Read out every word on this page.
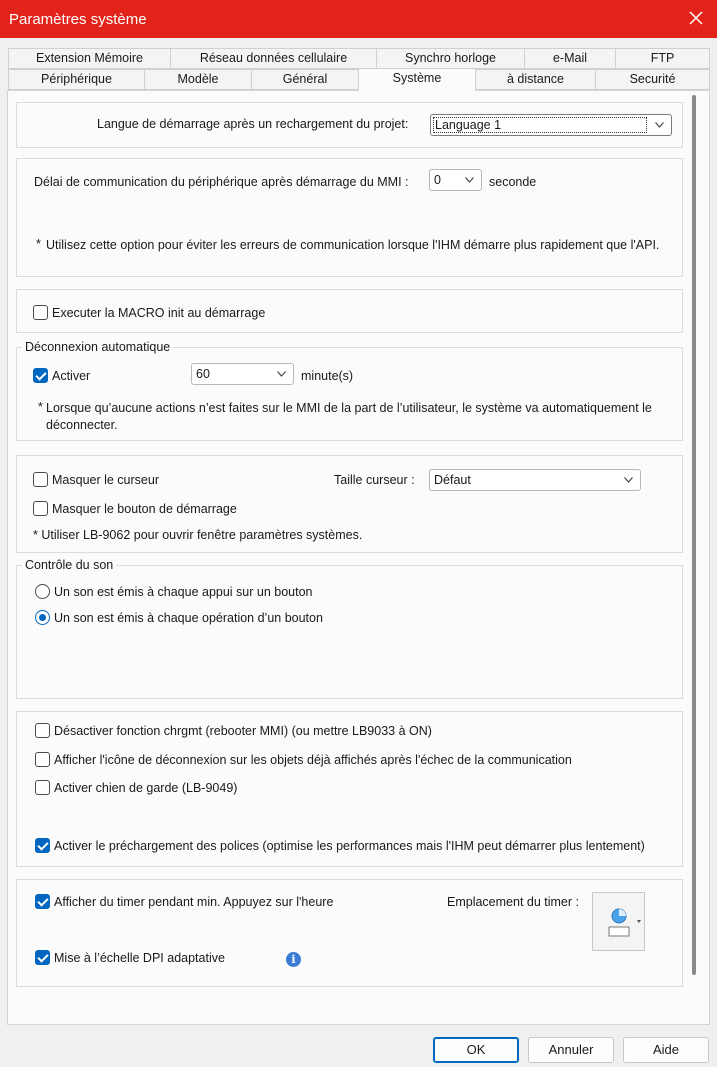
Paramètres système
Extension Mémoire	Réseau données cellulaire	Synchro horloge	e-Mail	FTP
Périphérique	Modèle	Général	Système	à distance	Securité
Langue de démarrage après un rechargement du projet:	Language 1
Délai de communication du périphérique après démarrage du MMI :	0	seconde
* Utilisez cette option pour éviter les erreurs de communication lorsque l'IHM démarre plus rapidement que l'API.
Executer la MACRO init au démarrage
Déconnexion automatique
Activer	60	minute(s)
* Lorsque qu’aucune actions n’est faites sur le MMI de la part de l’utilisateur, le système va automatiquement le déconnecter.
Masquer le curseur	Taille curseur :	Défaut
Masquer le bouton de démarrage
* Utiliser LB-9062 pour ouvrir fenêtre paramètres systèmes.
Contrôle du son
Un son est émis à chaque appui sur un bouton
Un son est émis à chaque opération d’un bouton
Désactiver fonction chrgmt (rebooter MMI) (ou mettre LB9033 à ON)
Afficher l'icône de déconnexion sur les objets déjà affichés après l'échec de la communication
Activer chien de garde (LB-9049)
Activer le préchargement des polices (optimise les performances mais l'IHM peut démarrer plus lentement)
Afficher du timer pendant min. Appuyez sur l'heure	Emplacement du timer :
Mise à l’échelle DPI adaptative	i
OK	Annuler	Aide
